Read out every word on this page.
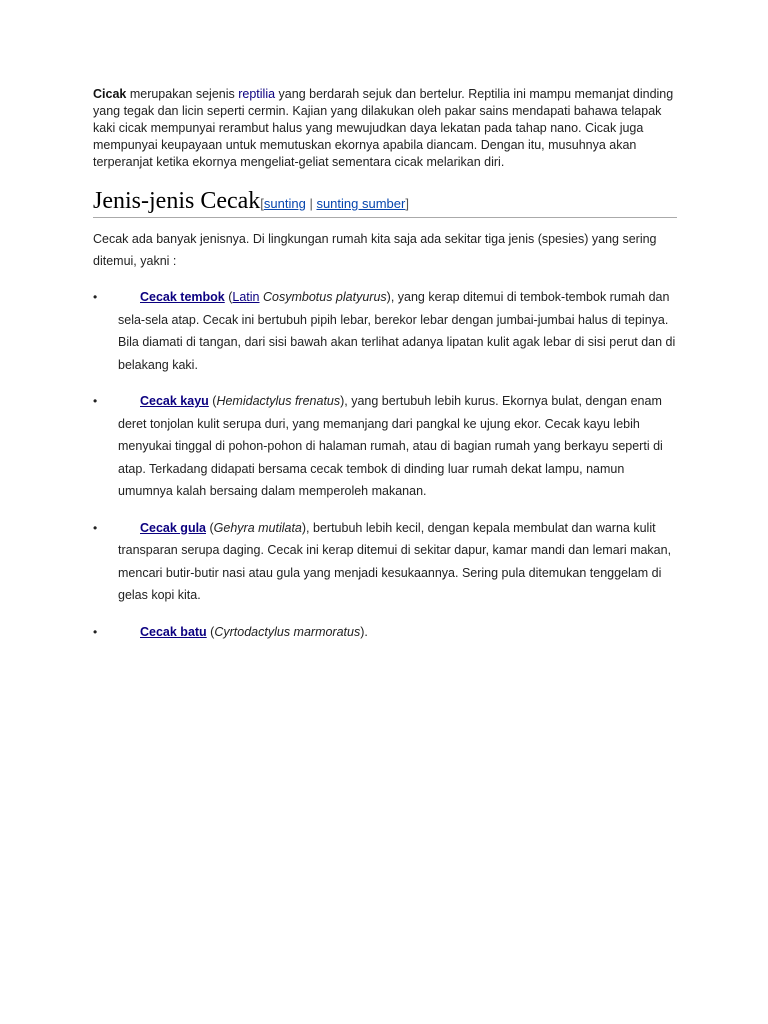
Cicak merupakan sejenis reptilia yang berdarah sejuk dan bertelur. Reptilia ini mampu memanjat dinding yang tegak dan licin seperti cermin. Kajian yang dilakukan oleh pakar sains mendapati bahawa telapak kaki cicak mempunyai rerambut halus yang mewujudkan daya lekatan pada tahap nano. Cicak juga mempunyai keupayaan untuk memutuskan ekornya apabila diancam. Dengan itu, musuhnya akan terperanjat ketika ekornya mengeliat-geliat sementara cicak melarikan diri.

Jenis-jenis Cecak [sunting | sunting sumber]

Cecak ada banyak jenisnya. Di lingkungan rumah kita saja ada sekitar tiga jenis (spesies) yang sering ditemui, yakni :

•	Cecak tembok (Latin Cosymbotus platyurus), yang kerap ditemui di tembok-tembok rumah dan sela-sela atap. Cecak ini bertubuh pipih lebar, berekor lebar dengan jumbai-jumbai halus di tepinya. Bila diamati di tangan, dari sisi bawah akan terlihat adanya lipatan kulit agak lebar di sisi perut dan di belakang kaki.
•	Cecak kayu (Hemidactylus frenatus), yang bertubuh lebih kurus. Ekornya bulat, dengan enam deret tonjolan kulit serupa duri, yang memanjang dari pangkal ke ujung ekor. Cecak kayu lebih menyukai tinggal di pohon-pohon di halaman rumah, atau di bagian rumah yang berkayu seperti di atap. Terkadang didapati bersama cecak tembok di dinding luar rumah dekat lampu, namun umumnya kalah bersaing dalam memperoleh makanan.
•	Cecak gula (Gehyra mutilata), bertubuh lebih kecil, dengan kepala membulat dan warna kulit transparan serupa daging. Cecak ini kerap ditemui di sekitar dapur, kamar mandi dan lemari makan, mencari butir-butir nasi atau gula yang menjadi kesukaannya. Sering pula ditemukan tenggelam di gelas kopi kita.
•	Cecak batu (Cyrtodactylus marmoratus).
